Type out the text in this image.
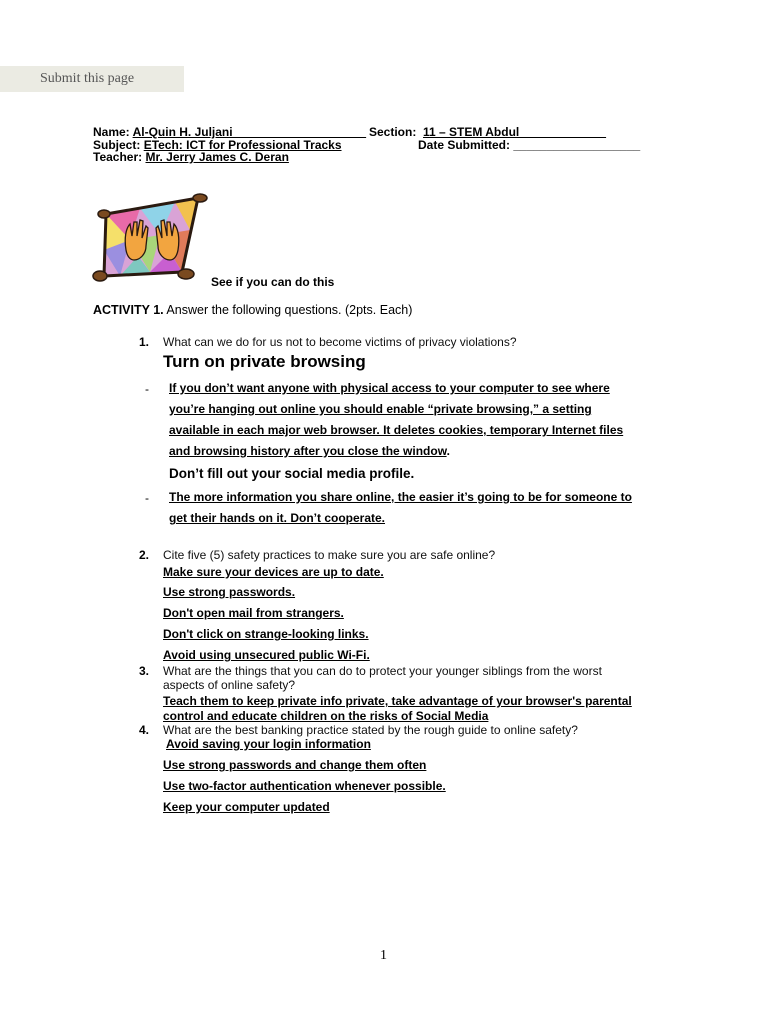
Submit this page
Name: Al-Quin H. Juljani____________________ Section: 11 – STEM Abdul_____________
Subject: ETech: ICT for Professional Tracks	Date Submitted: ___________________
Teacher: Mr. Jerry James C. Deran
See if you can do this
ACTIVITY 1. Answer the following questions. (2pts. Each)
1. What can we do for us not to become victims of privacy violations?
Turn on private browsing
- If you don’t want anyone with physical access to your computer to see where
you’re hanging out online you should enable “private browsing,” a setting
available in each major web browser. It deletes cookies, temporary Internet files
and browsing history after you close the window.
Don’t fill out your social media profile.
- The more information you share online, the easier it’s going to be for someone to
get their hands on it. Don’t cooperate.
2. Cite five (5) safety practices to make sure you are safe online?
Make sure your devices are up to date.
Use strong passwords.
Don't open mail from strangers.
Don't click on strange-looking links.
Avoid using unsecured public Wi-Fi.
3. What are the things that you can do to protect your younger siblings from the worst
aspects of online safety?
Teach them to keep private info private, take advantage of your browser's parental
control and educate children on the risks of Social Media
4. What are the best banking practice stated by the rough guide to online safety?
Avoid saving your login information
Use strong passwords and change them often
Use two-factor authentication whenever possible.
Keep your computer updated
1
